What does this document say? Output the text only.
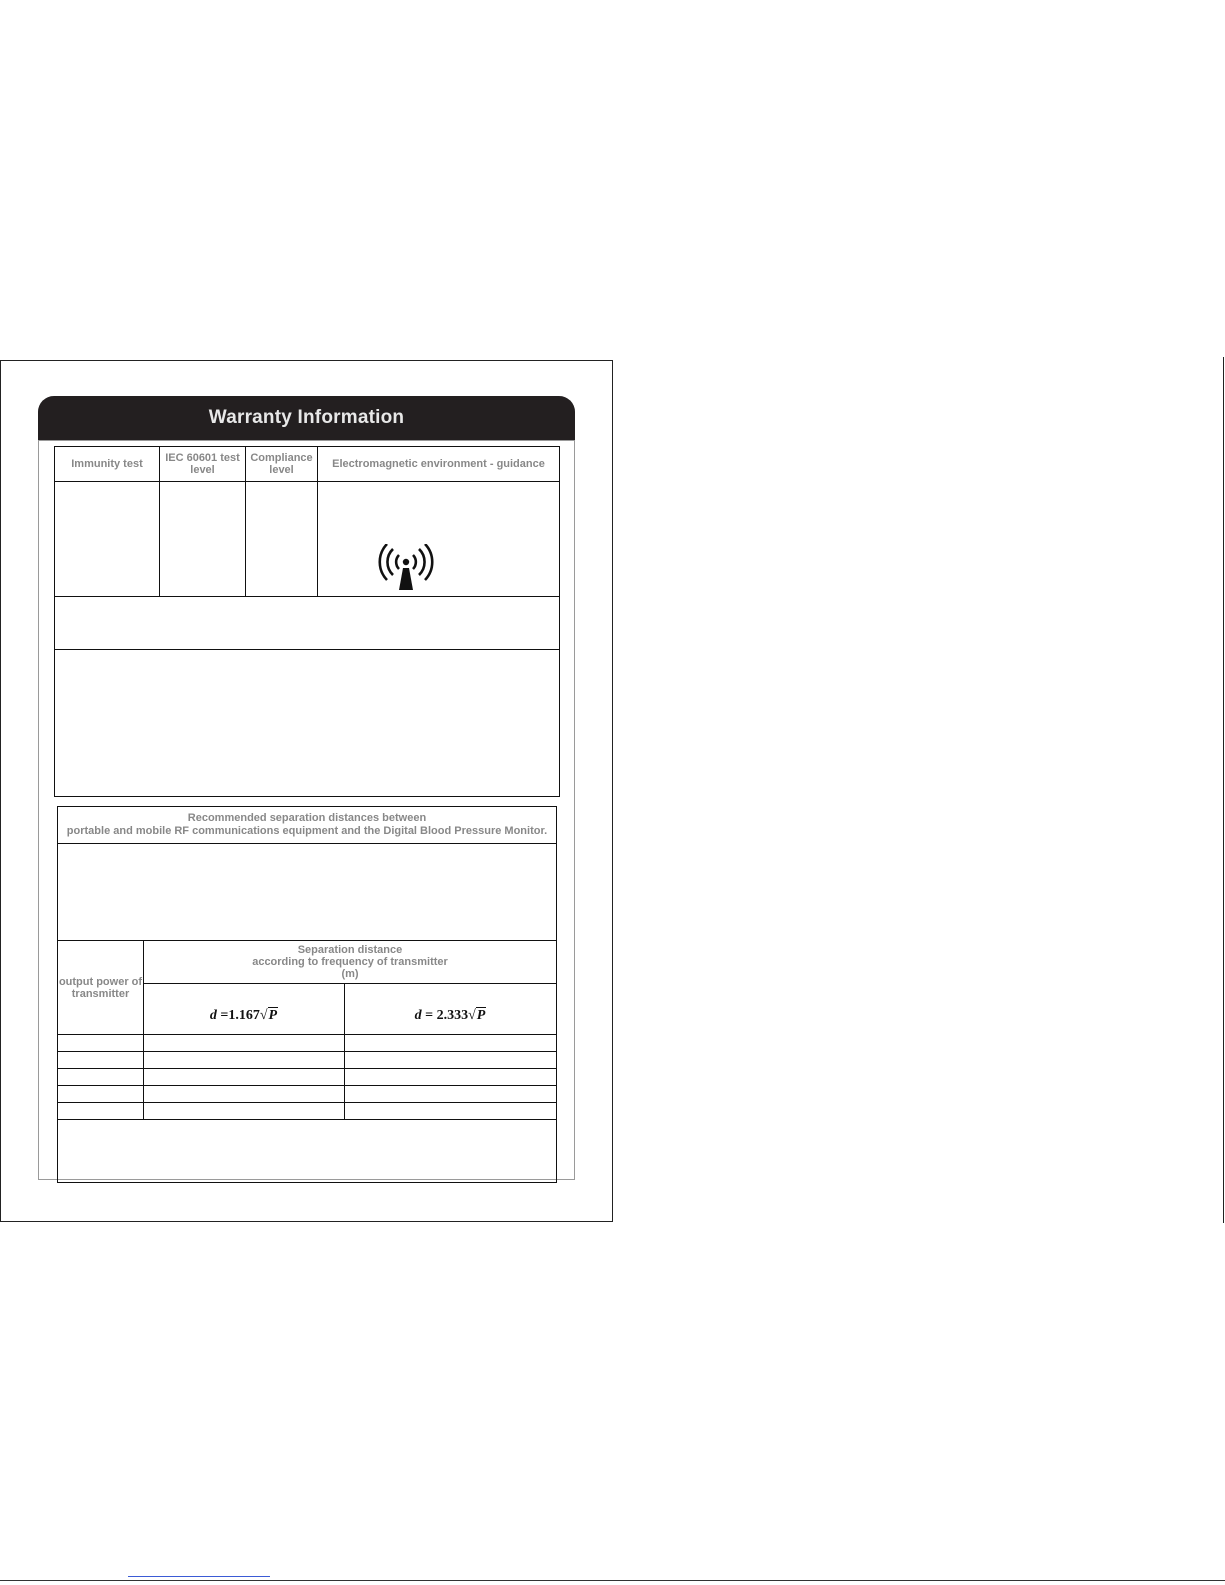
Warranty Information
Immunity test	IEC 60601 test level	Compliance level	Electromagnetic environment - guidance

Recommended separation distances between
portable and mobile RF communications equipment and the Digital Blood Pressure Monitor.		

output power of transmitter	Separation distance
according to frequency of transmitter
(m)	

	d =1.167√P	d = 2.333√P
